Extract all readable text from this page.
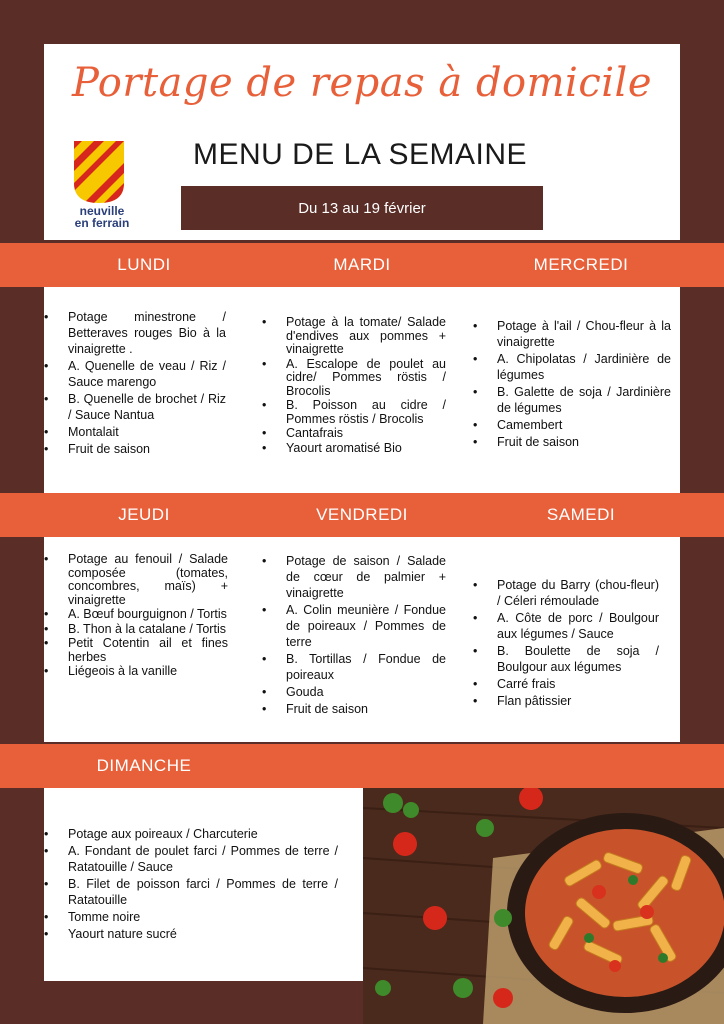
Portage de repas à domicile
MENU DE LA SEMAINE
Du 13 au 19 février
neuville
en ferrain
LUNDI	MARDI	MERCREDI
• Potage minestrone / Betteraves rouges Bio à la vinaigrette .
• A. Quenelle de veau / Riz / Sauce marengo
• B. Quenelle de brochet / Riz / Sauce Nantua
• Montalait
• Fruit de saison
• Potage à la tomate/ Salade d'endives aux pommes + vinaigrette
• A. Escalope de poulet au cidre/ Pommes röstis / Brocolis
• B. Poisson au cidre / Pommes röstis / Brocolis
• Cantafrais
• Yaourt aromatisé Bio
• Potage à l'ail / Chou-fleur à la vinaigrette
• A. Chipolatas / Jardinière de légumes
• B. Galette de soja / Jardinière de légumes
• Camembert
• Fruit de saison
JEUDI	VENDREDI	SAMEDI
• Potage au fenouil / Salade composée (tomates, concombres, maïs) + vinaigrette
• A. Bœuf bourguignon / Tortis
• B. Thon à la catalane / Tortis
• Petit Cotentin ail et fines herbes
• Liégeois à la vanille
• Potage de saison / Salade de cœur de palmier + vinaigrette
• A. Colin meunière / Fondue de poireaux / Pommes de terre
• B. Tortillas / Fondue de poireaux
• Gouda
• Fruit de saison
• Potage du Barry (chou-fleur) / Céleri rémoulade
• A. Côte de porc / Boulgour aux légumes / Sauce
• B. Boulette de soja / Boulgour aux légumes
• Carré frais
• Flan pâtissier
DIMANCHE
• Potage aux poireaux / Charcuterie
• A. Fondant de poulet farci / Pommes de terre / Ratatouille / Sauce
• B. Filet de poisson farci / Pommes de terre / Ratatouille
• Tomme noire
• Yaourt nature sucré
